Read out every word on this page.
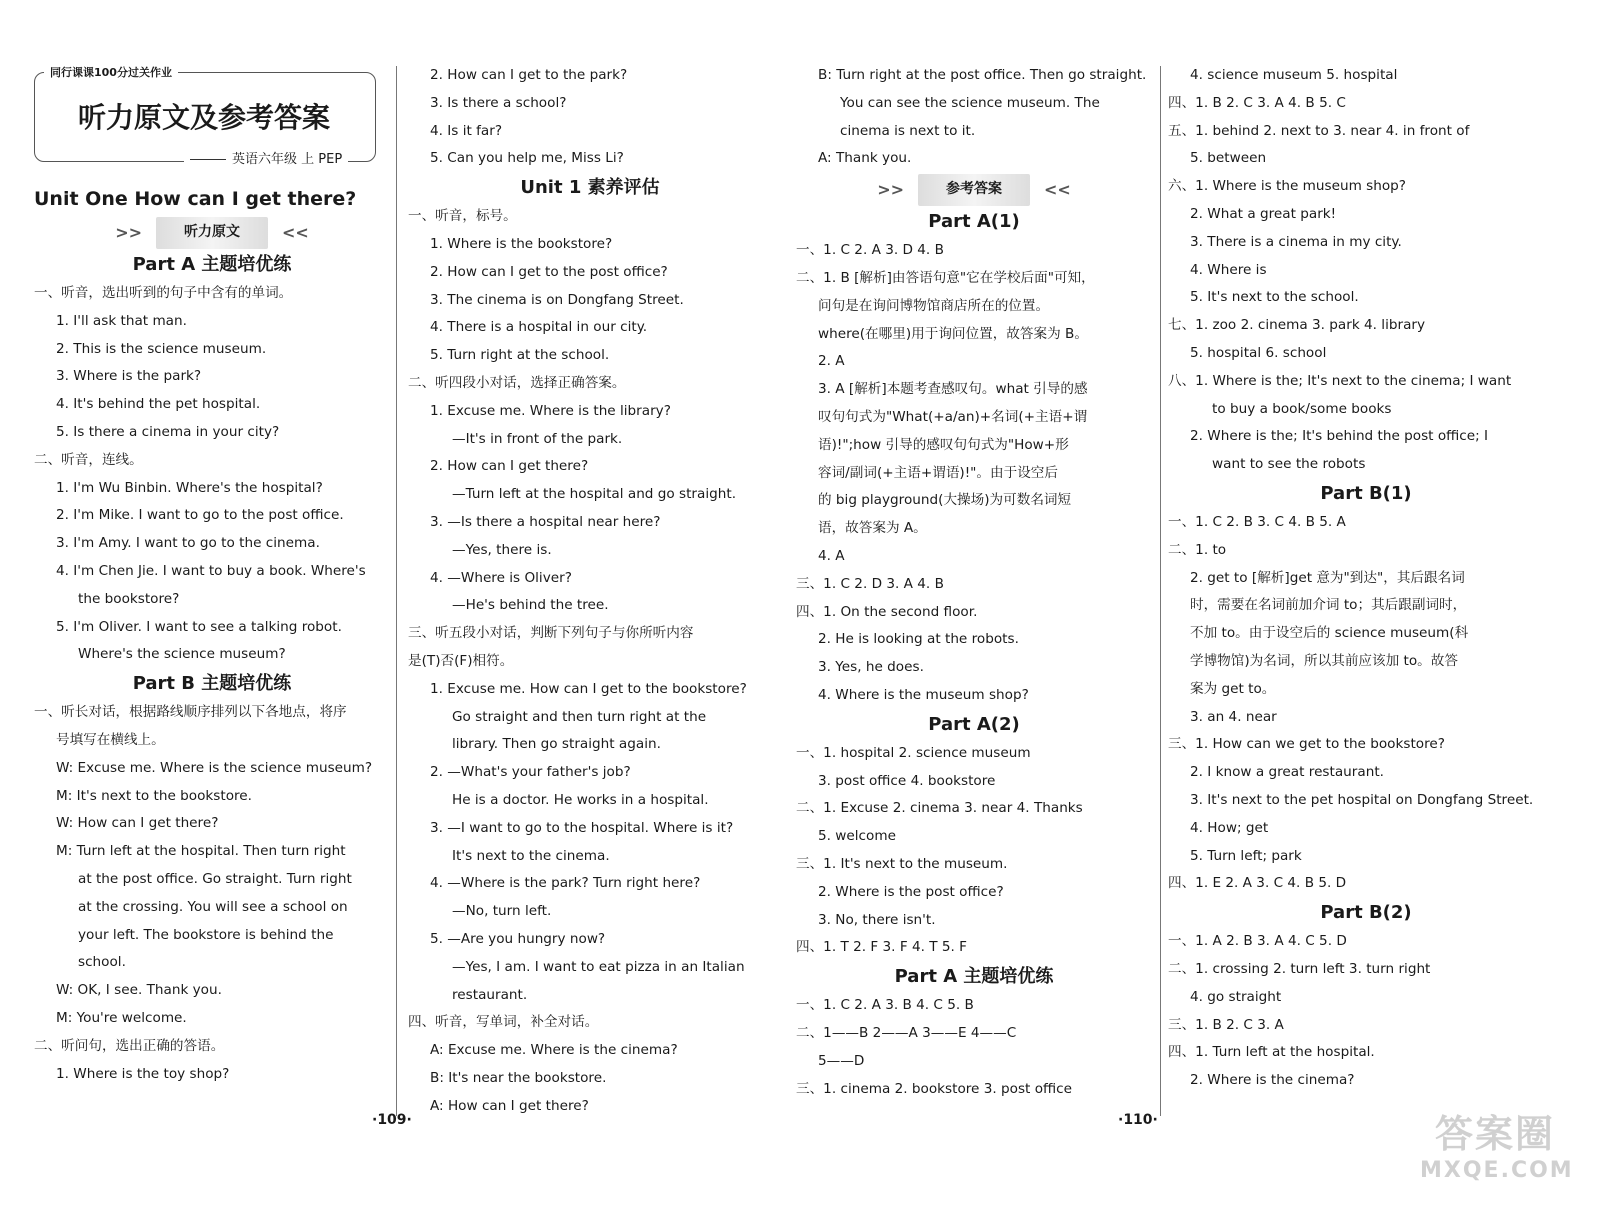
同行课课100分过关作业
听力原文及参考答案
英语六年级 上 PEP
Unit One How can I get there?
>>	听力原文	<<
Part A 主题培优练
一、听音，选出听到的句子中含有的单词。
1. I'll ask that man.
2. This is the science museum.
3. Where is the park?
4. It's behind the pet hospital.
5. Is there a cinema in your city?
二、听音，连线。
1. I'm Wu Binbin. Where's the hospital?
2. I'm Mike. I want to go to the post office.
3. I'm Amy. I want to go to the cinema.
4. I'm Chen Jie. I want to buy a book. Where's
the bookstore?
5. I'm Oliver. I want to see a talking robot.
Where's the science museum?
Part B 主题培优练
一、听长对话，根据路线顺序排列以下各地点，将序
号填写在横线上。
W: Excuse me. Where is the science museum?
M: It's next to the bookstore.
W: How can I get there?
M: Turn left at the hospital. Then turn right
at the post office. Go straight. Turn right
at the crossing. You will see a school on
your left. The bookstore is behind the
school.
W: OK, I see. Thank you.
M: You're welcome.
二、听问句，选出正确的答语。
1. Where is the toy shop?
2. How can I get to the park?
3. Is there a school?
4. Is it far?
5. Can you help me, Miss Li?
Unit 1 素养评估
一、听音，标号。
1. Where is the bookstore?
2. How can I get to the post office?
3. The cinema is on Dongfang Street.
4. There is a hospital in our city.
5. Turn right at the school.
二、听四段小对话，选择正确答案。
1. Excuse me. Where is the library?
—It's in front of the park.
2. How can I get there?
—Turn left at the hospital and go straight.
3. —Is there a hospital near here?
—Yes, there is.
4. —Where is Oliver?
—He's behind the tree.
三、听五段小对话，判断下列句子与你所听内容
是(T)否(F)相符。
1. Excuse me. How can I get to the bookstore?
Go straight and then turn right at the
library. Then go straight again.
2. —What's your father's job?
He is a doctor. He works in a hospital.
3. —I want to go to the hospital. Where is it?
It's next to the cinema.
4. —Where is the park? Turn right here?
—No, turn left.
5. —Are you hungry now?
—Yes, I am. I want to eat pizza in an Italian
restaurant.
四、听音，写单词，补全对话。
A: Excuse me. Where is the cinema?
B: It's near the bookstore.
A: How can I get there?
B: Turn right at the post office. Then go straight.
You can see the science museum. The
cinema is next to it.
A: Thank you.
>>	参考答案	<<
Part A(1)
一、1. C 2. A 3. D 4. B
二、1. B [解析]由答语句意"它在学校后面"可知，
问句是在询问博物馆商店所在的位置。
where(在哪里)用于询问位置，故答案为 B。
2. A
3. A [解析]本题考查感叹句。what 引导的感
叹句句式为"What(+a/an)+名词(+主语+谓
语)!";how 引导的感叹句句式为"How+形
容词/副词(+主语+谓语)!"。由于设空后
的 big playground(大操场)为可数名词短
语，故答案为 A。
4. A
三、1. C 2. D 3. A 4. B
四、1. On the second floor.
2. He is looking at the robots.
3. Yes, he does.
4. Where is the museum shop?
Part A(2)
一、1. hospital 2. science museum
3. post office 4. bookstore
二、1. Excuse 2. cinema 3. near 4. Thanks
5. welcome
三、1. It's next to the museum.
2. Where is the post office?
3. No, there isn't.
四、1. T 2. F 3. F 4. T 5. F
Part A 主题培优练
一、1. C 2. A 3. B 4. C 5. B
二、1——B 2——A 3——E 4——C
5——D
三、1. cinema 2. bookstore 3. post office
4. science museum 5. hospital
四、1. B 2. C 3. A 4. B 5. C
五、1. behind 2. next to 3. near 4. in front of
5. between
六、1. Where is the museum shop?
2. What a great park!
3. There is a cinema in my city.
4. Where is
5. It's next to the school.
七、1. zoo 2. cinema 3. park 4. library
5. hospital 6. school
八、1. Where is the; It's next to the cinema; I want
to buy a book/some books
2. Where is the; It's behind the post office; I
want to see the robots
Part B(1)
一、1. C 2. B 3. C 4. B 5. A
二、1. to
2. get to [解析]get 意为"到达"，其后跟名词
时，需要在名词前加介词 to；其后跟副词时，
不加 to。由于设空后的 science museum(科
学博物馆)为名词，所以其前应该加 to。故答
案为 get to。
3. an 4. near
三、1. How can we get to the bookstore?
2. I know a great restaurant.
3. It's next to the pet hospital on Dongfang Street.
4. How; get
5. Turn left; park
四、1. E 2. A 3. C 4. B 5. D
Part B(2)
一、1. A 2. B 3. A 4. C 5. D
二、1. crossing 2. turn left 3. turn right
4. go straight
三、1. B 2. C 3. A
四、1. Turn left at the hospital.
2. Where is the cinema?
·109·	·110·	答案圈
MXQE.COM
